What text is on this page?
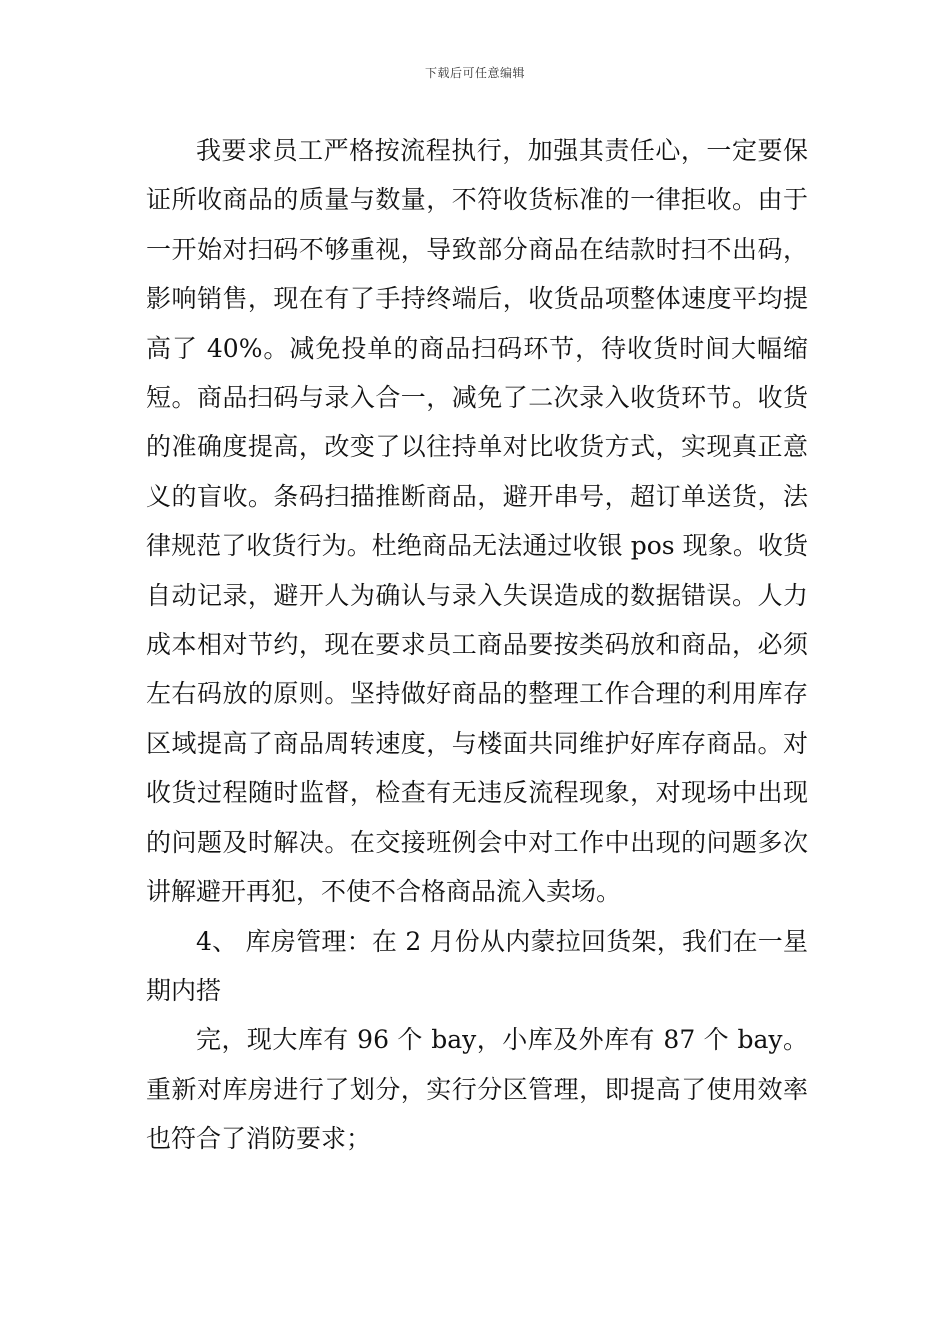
下载后可任意编辑

我要求员工严格按流程执行，加强其责任心，一定要保证所收商品的质量与数量，不符收货标准的一律拒收。由于一开始对扫码不够重视，导致部分商品在结款时扫不出码，影响销售，现在有了手持终端后，收货品项整体速度平均提高了 40%。减免投单的商品扫码环节，待收货时间大幅缩短。商品扫码与录入合一，减免了二次录入收货环节。收货的准确度提高，改变了以往持单对比收货方式，实现真正意义的盲收。条码扫描推断商品，避开串号，超订单送货，法律规范了收货行为。杜绝商品无法通过收银 pos 现象。收货自动记录，避开人为确认与录入失误造成的数据错误。人力成本相对节约，现在要求员工商品要按类码放和商品，必须左右码放的原则。坚持做好商品的整理工作合理的利用库存区域提高了商品周转速度，与楼面共同维护好库存商品。对收货过程随时监督，检查有无违反流程现象，对现场中出现的问题及时解决。在交接班例会中对工作中出现的问题多次讲解避开再犯，不使不合格商品流入卖场。

4、 库房管理：在 2 月份从内蒙拉回货架，我们在一星期内搭

完，现大库有 96 个 bay，小库及外库有 87 个 bay。重新对库房进行了划分，实行分区管理，即提高了使用效率也符合了消防要求；
